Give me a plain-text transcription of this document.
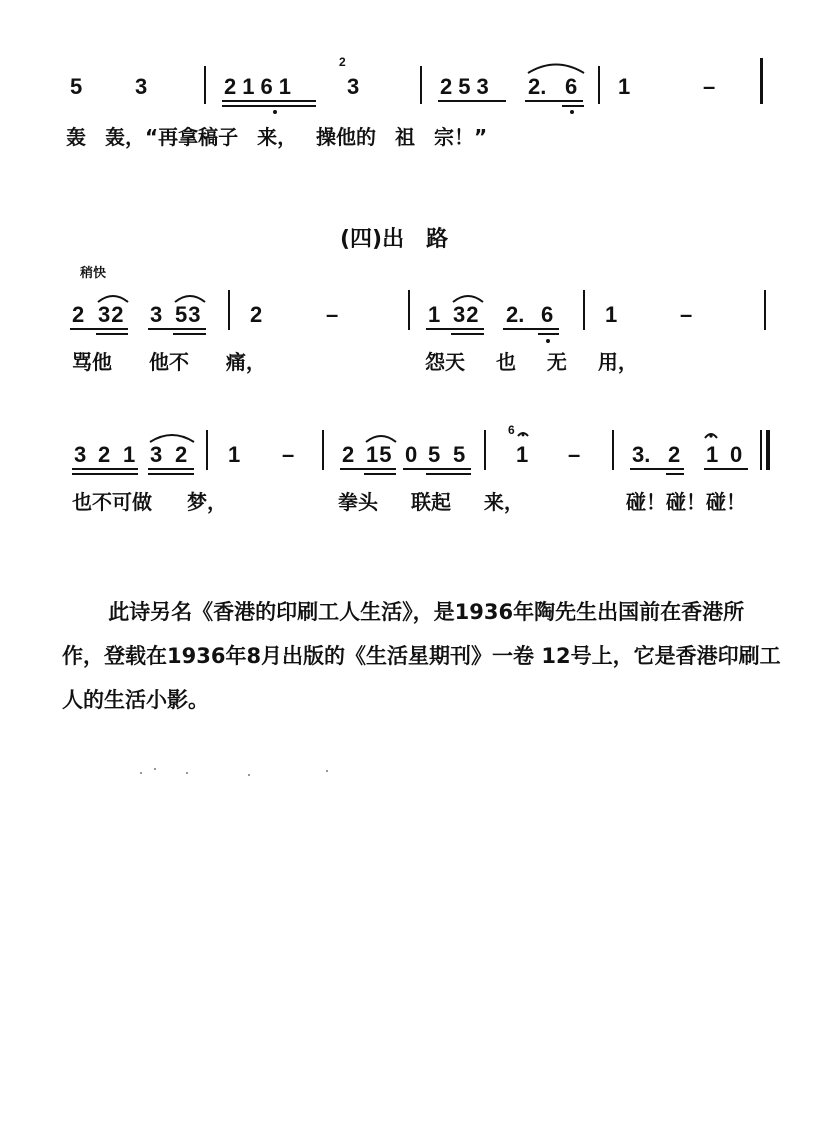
5 3	2161
2
3	253 2. 6 1	–
轰 轰，“再拿稿子 来， 操他的 祖 宗！”
(四)出　路
稍快
2 32 3 53 2	–	1 32 2. 6 1	–
骂他 他不 痛，	怨天 也 无 用，
3 2 1 3 2 1 – 2 15 0 5 5
6
1 – 3. 2 1 0
也不可做 梦，	拳头 联起 来，	碰！碰！碰！

此诗另名《香港的印刷工人生活》，是1936年陶先生出国前在香港所作，登载在1936年8月出版的《生活星期刊》一卷 12号上，它是香港印刷工人的生活小影。
